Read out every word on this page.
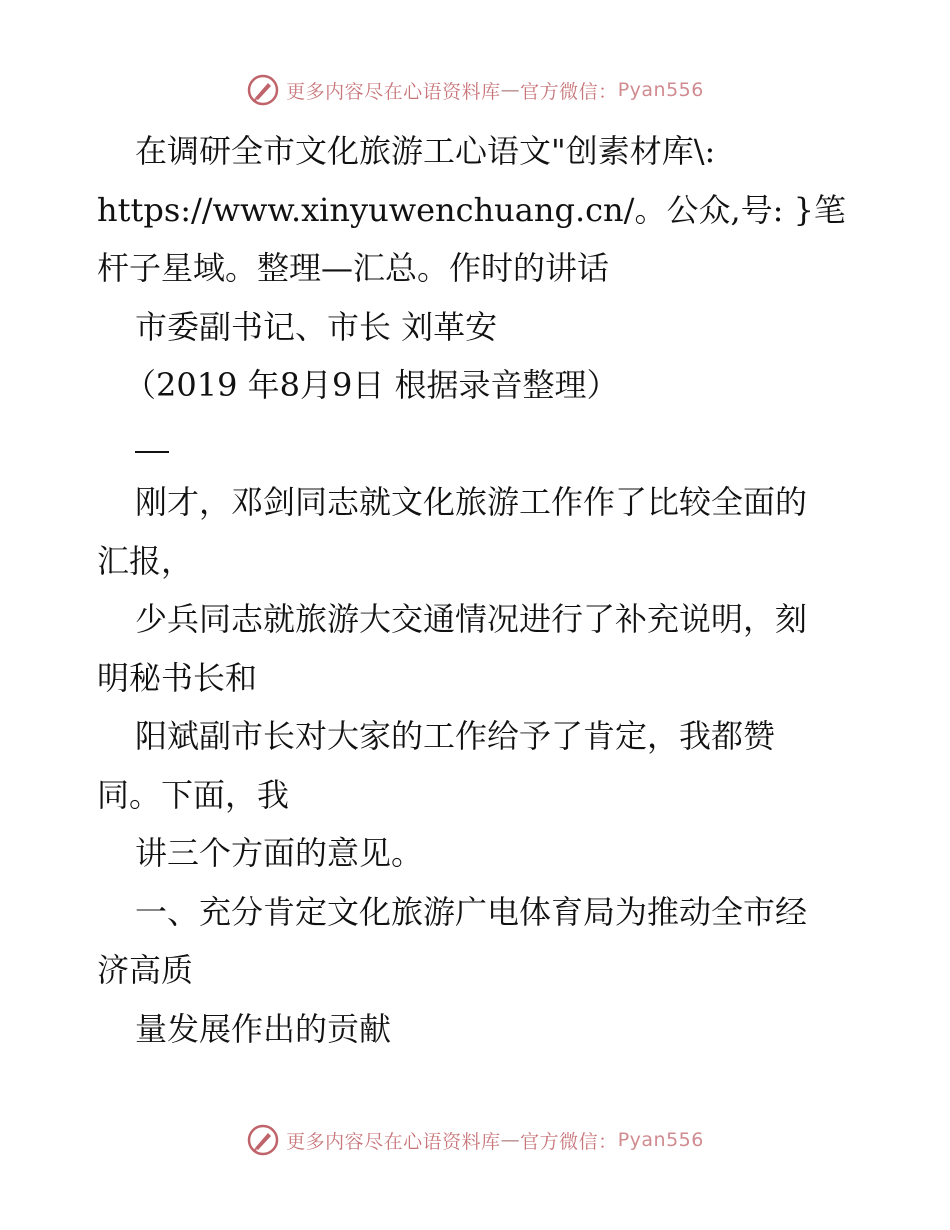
更多内容尽在心语资料库 — 官方微信： Pyan556
在调研全市文化旅游工心语文"创素材库\:
https://www.xinyuwenchuang.cn/。公众,号: }笔
杆子星域。整理—汇总。作时的讲话
市委副书记、市长 刘革安
（2019 年8月9日 根据录音整理）
刚才，邓剑同志就文化旅游工作作了比较全面的
汇报，
少兵同志就旅游大交通情况进行了补充说明，刻
明秘书长和
阳斌副市长对大家的工作给予了肯定，我都赞
同。下面，我
讲三个方面的意见。
一、充分肯定文化旅游广电体育局为推动全市经
济高质
量发展作出的贡献
更多内容尽在心语资料库 — 官方微信： Pyan556
